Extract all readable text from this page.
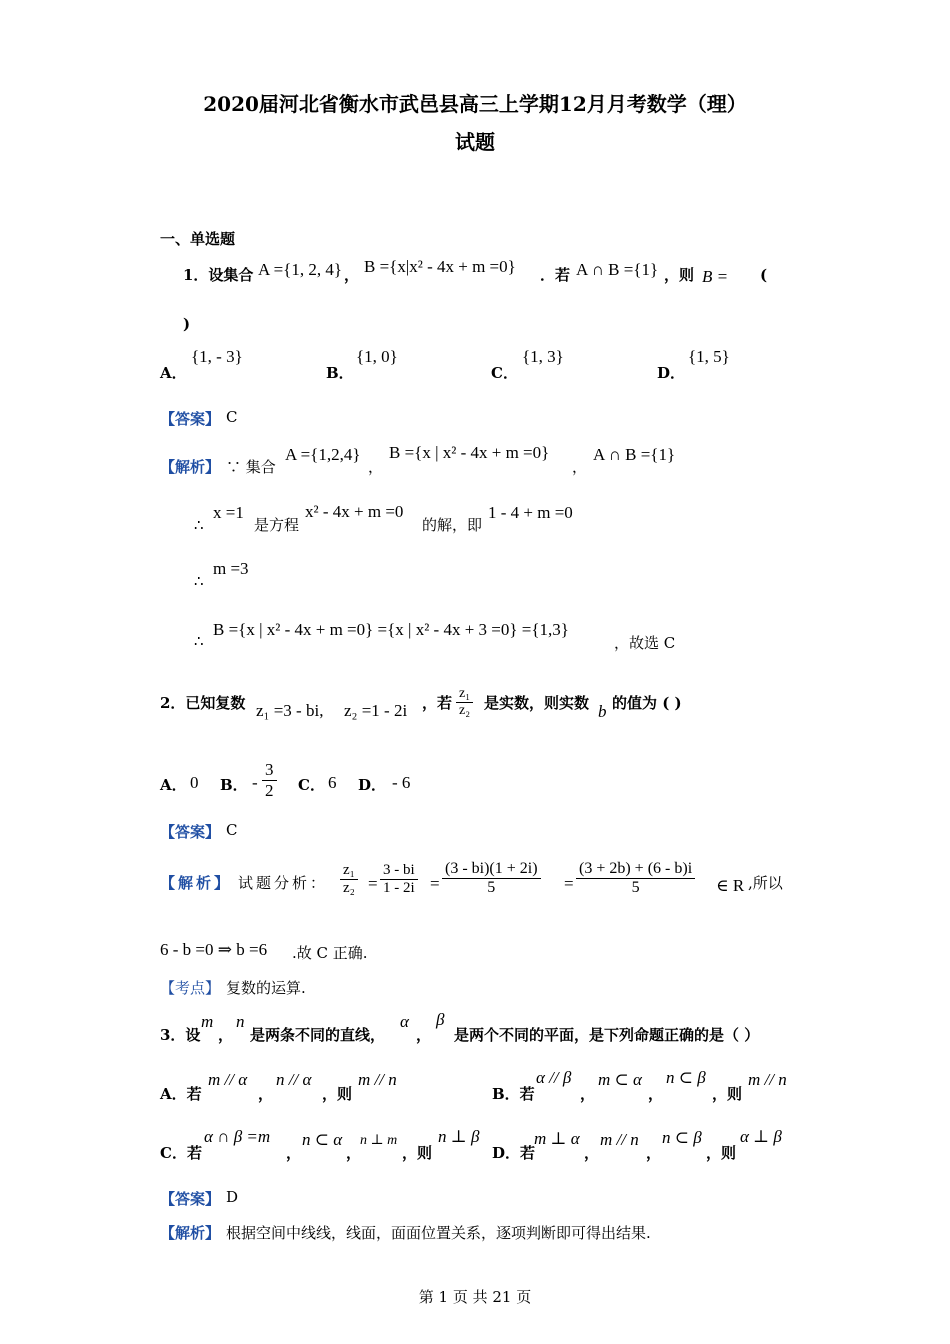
2020届河北省衡水市武邑县高三上学期12月月考数学（理）
试题
一、单选题
1．设集合 A ={1, 2, 4} ， B ={x|x² - 4x + m =0} ．若 A ∩ B ={1} ，则 B = (
)
A．
{1, - 3}
B．
{1, 0}
C．
{1, 3}
D．
{1, 5}
【答案】 C
【解析】 ∵ 集合
A ={1,2,4}
，
B ={x | x² - 4x + m =0}
，
A ∩ B ={1}
∴
x =1
是方程
x² - 4x + m =0
的解，即
1 - 4 + m =0
∴
m =3
∴
B ={x | x² - 4x + m =0} ={x | x² - 4x + 3 =0} ={1,3}
，故选 C
2．已知复数 z₁ =3 - bi, z₂ =1 - 2i ，若 $\frac{\text{z₁}}{\text{z₂}}$ 是实数，则实数 b 的值为 ( )
A． 0 B． - $\frac{3}{2}$ C． 6 D． - 6
【答案】 C
【解析】 试题分析： $\frac{\text{z₁}}{\text{z₂}} = \frac{3 - bi}{1 - 2i} = \frac{(3 - bi)(1 + 2i)}{5} = \frac{(3 + 2b) + (6 - b)i}{5}$ ∈ R ,所以
6 - b =0 ⇒ b =6 .故 C 正确.
【考点】 复数的运算.
3．设
m
，
n
是两条不同的直线，
α
，
β
是两个不同的平面，是下列命题正确的是（ ）
A．若
m // α
，
n // α
，则
m // n
B．若
α // β
，
m ⊂ α
，
n ⊂ β
，则
m // n
C．若
α ∩ β =m
，
n ⊂ α
，
n ⊥ m
，则
n ⊥ β
D．若
m ⊥ α
，
m // n
，
n ⊂ β
，则
α ⊥ β
【答案】 D
【解析】 根据空间中线线，线面，面面位置关系，逐项判断即可得出结果.
第 1 页 共 21 页
